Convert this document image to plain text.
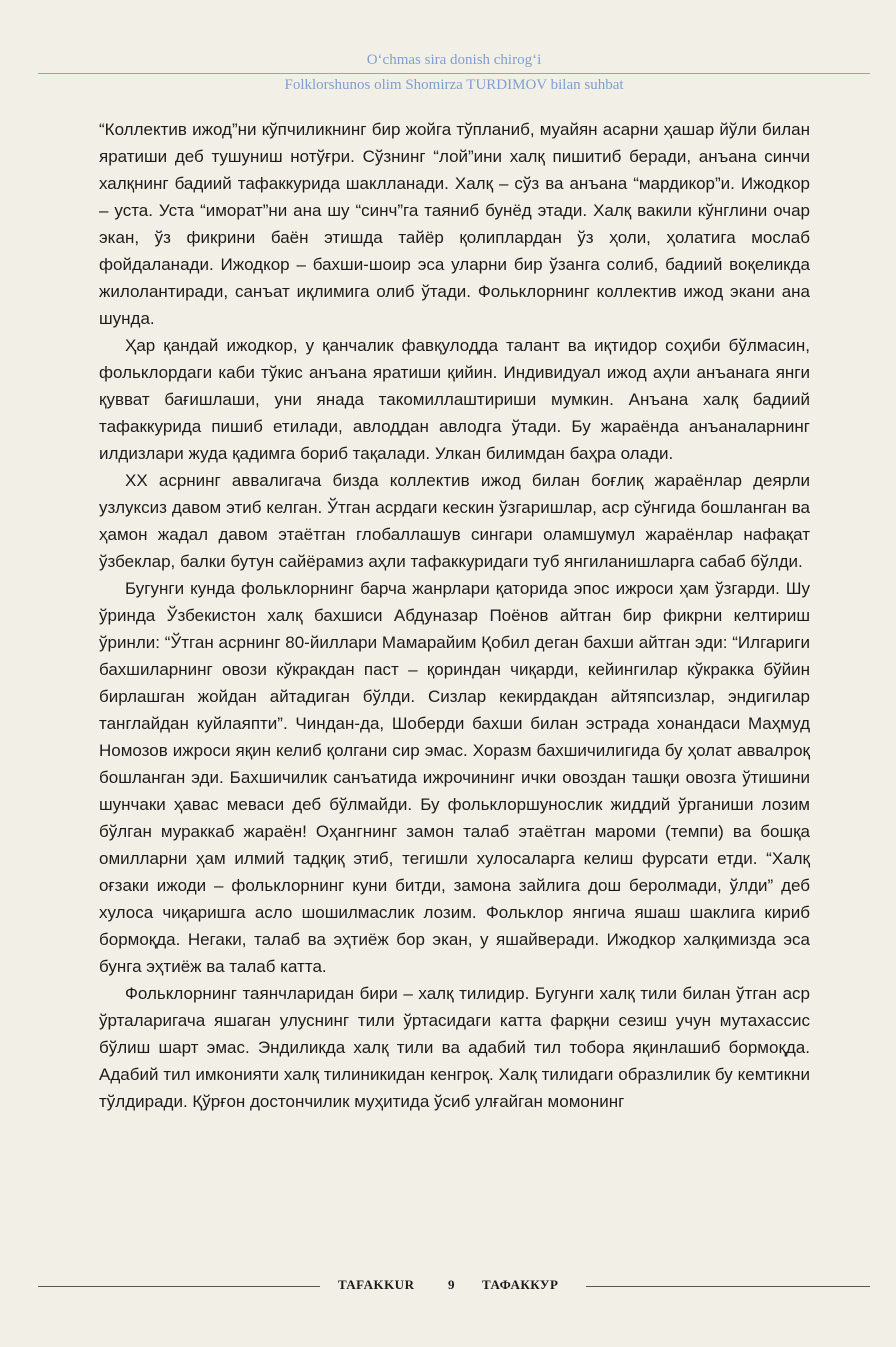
O‘chmas sira donish chirog‘i
Folklorshunos olim Shomirza TURDIMOV bilan suhbat

“Коллектив ижод”ни кўпчиликнинг бир жойга тўпланиб, муайян асарни ҳашар йўли билан яратиши деб тушуниш нотўғри. Сўзнинг “лой”ини халқ пишитиб беради, анъана синчи халқнинг бадиий тафаккурида шаклланади. Халқ – сўз ва анъана “мардикор”и. Ижодкор – уста. Уста “иморат”ни ана шу “синч”га таяниб бунёд этади. Халқ вакили кўнглини очар экан, ўз фикрини баён этишда тайёр қолиплардан ўз ҳоли, ҳолатига мослаб фойдаланади. Ижодкор – бахши-шоир эса уларни бир ўзанга солиб, бадиий воқеликда жилолантиради, санъат иқлимига олиб ўтади. Фольклорнинг коллектив ижод экани ана шунда.

Ҳар қандай ижодкор, у қанчалик фавқулодда талант ва иқтидор соҳиби бўлмасин, фольклордаги каби тўкис анъана яратиши қийин. Индивидуал ижод аҳли анъанага янги қувват бағишлаши, уни янада такомиллаштириши мумкин. Анъана халқ бадиий тафаккурида пишиб етилади, авлоддан авлодга ўтади. Бу жараёнда анъаналарнинг илдизлари жуда қадимга бориб тақалади. Улкан билимдан баҳра олади.

ХХ асрнинг аввалигача бизда коллектив ижод билан боғлиқ жараёнлар деярли узлуксиз давом этиб келган. Ўтган асрдаги кескин ўзгаришлар, аср сўнгида бошланган ва ҳамон жадал давом этаётган глобаллашув сингари оламшумул жараёнлар нафақат ўзбеклар, балки бутун сайёрамиз аҳли тафаккуридаги туб янгиланишларга сабаб бўлди.

Бугунги кунда фольклорнинг барча жанрлари қаторида эпос ижроси ҳам ўзгарди. Шу ўринда Ўзбекистон халқ бахшиси Абдуназар Поёнов айтган бир фикрни келтириш ўринли: “Ўтган асрнинг 80-йиллари Мамарайим Қобил деган бахши айтган эди: “Илгариги бахшиларнинг овози кўкракдан паст – қориндан чиқарди, кейингилар кўкракка бўйин бирлашган жойдан айтадиган бўлди. Сизлар кекирдакдан айтяпсизлар, эндигилар танглайдан куйлаяпти”. Чиндан-да, Шоберди бахши билан эстрада хонандаси Маҳмуд Номозов ижроси яқин келиб қолгани сир эмас. Хоразм бахшичилигида бу ҳолат аввалроқ бошланган эди. Бахшичилик санъатида ижрочининг ички овоздан ташқи овозга ўтишини шунчаки ҳавас меваси деб бўлмайди. Бу фольклоршунослик жиддий ўрганиши лозим бўлган мураккаб жараён! Оҳангнинг замон талаб этаётган мароми (темпи) ва бошқа омилларни ҳам илмий тадқиқ этиб, тегишли хулосаларга келиш фурсати етди. “Халқ оғзаки ижоди – фольклорнинг куни битди, замона зайлига дош беролмади, ўлди” деб хулоса чиқаришга асло шошилмаслик лозим. Фольклор янгича яшаш шаклига кириб бормоқда. Негаки, талаб ва эҳтиёж бор экан, у яшайверади. Ижодкор халқимизда эса бунга эҳтиёж ва талаб катта.

Фольклорнинг таянчларидан бири – халқ тилидир. Бугунги халқ тили билан ўтган аср ўрталаригача яшаган улуснинг тили ўртасидаги катта фарқни сезиш учун мутахассис бўлиш шарт эмас. Эндиликда халқ тили ва адабий тил тобора яқинлашиб бормоқда. Адабий тил имконияти халқ тилиникидан кенгроқ. Халқ тилидаги образлилик бу кемтикни тўлдиради. Қўрғон достончилик муҳитида ўсиб улғайган момонинг

TAFAKKUR	9 ТАФАККУР
